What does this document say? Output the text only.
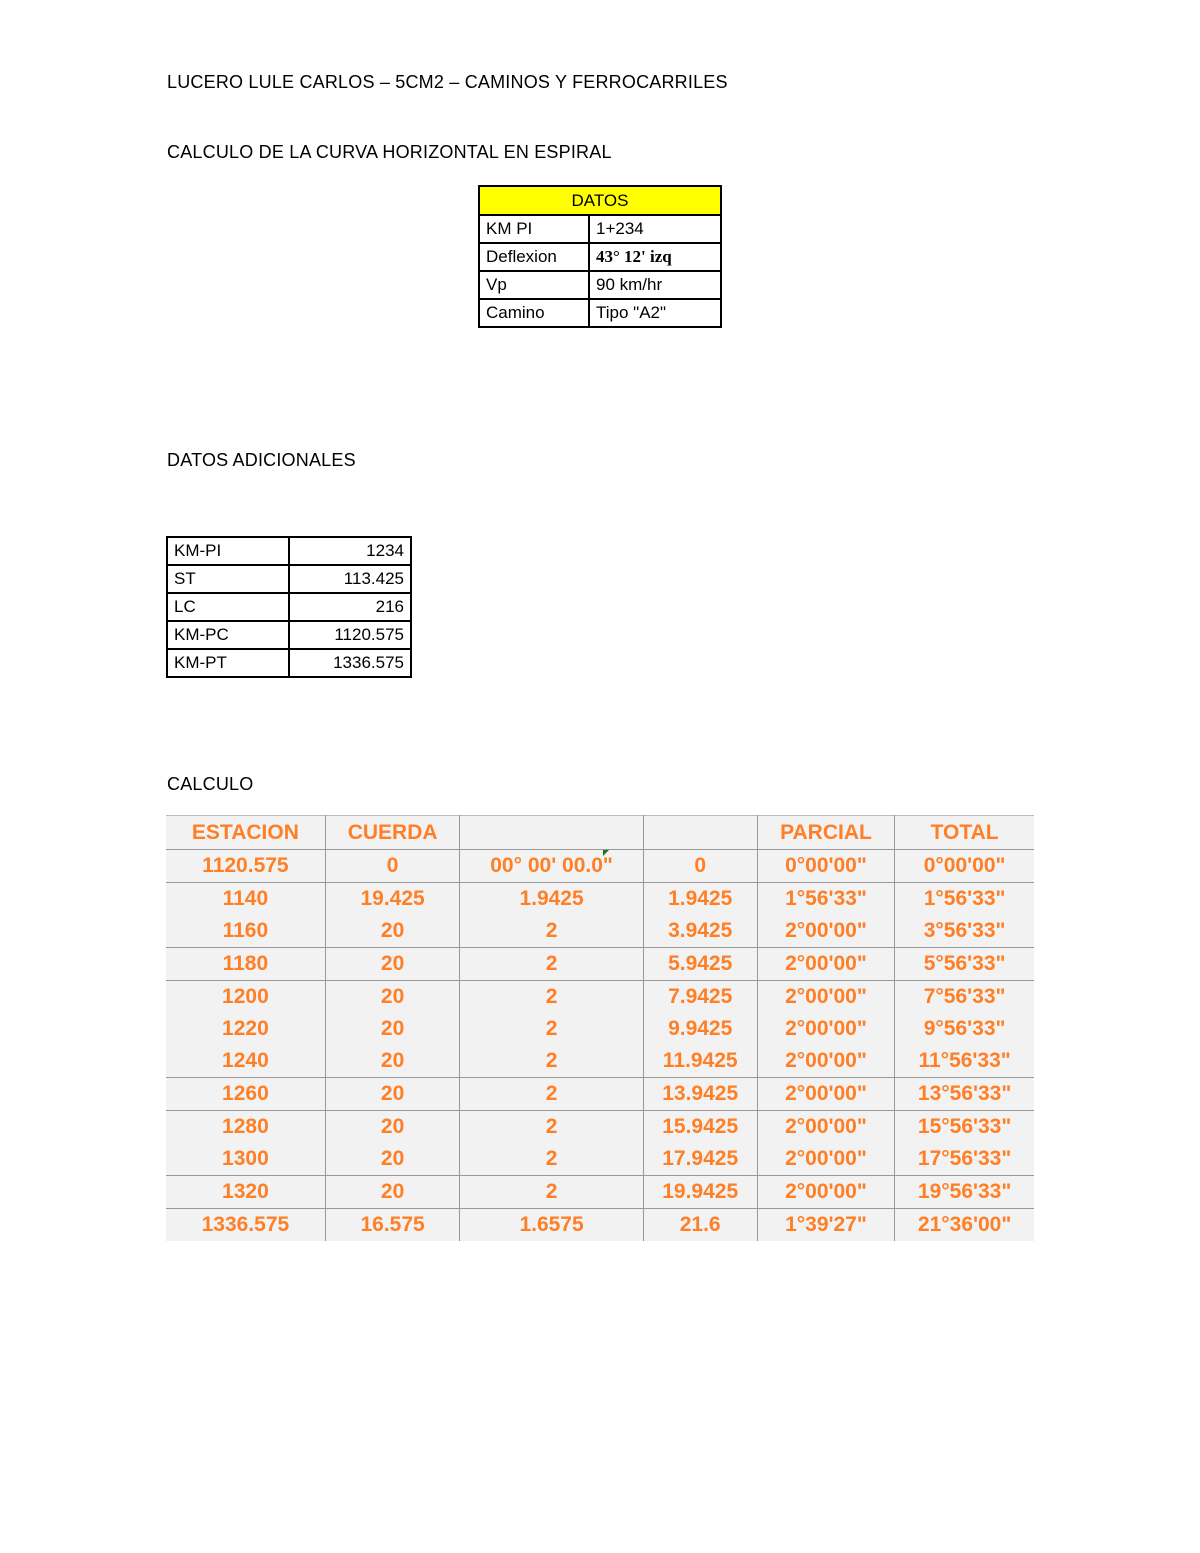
LUCERO LULE CARLOS – 5CM2 – CAMINOS Y FERROCARRILES
CALCULO DE LA CURVA HORIZONTAL EN ESPIRAL
DATOS	
KM PI	1+234
Deflexion	43° 12' izq
Vp	90 km/hr
Camino	Tipo "A2"
DATOS ADICIONALES
KM-PI	1234
ST	113.425
LC	216
KM-PC	1120.575
KM-PT	1336.575
CALCULO
ESTACION	CUERDA			PARCIAL	TOTAL
1120.575	0	00° 00' 00.0"	0	0°00'00"	0°00'00"
1140	19.425	1.9425	1.9425	1°56'33"	1°56'33"
1160	20	2	3.9425	2°00'00"	3°56'33"
1180	20	2	5.9425	2°00'00"	5°56'33"
1200	20	2	7.9425	2°00'00"	7°56'33"
1220	20	2	9.9425	2°00'00"	9°56'33"
1240	20	2	11.9425	2°00'00"	11°56'33"
1260	20	2	13.9425	2°00'00"	13°56'33"
1280	20	2	15.9425	2°00'00"	15°56'33"
1300	20	2	17.9425	2°00'00"	17°56'33"
1320	20	2	19.9425	2°00'00"	19°56'33"
1336.575	16.575	1.6575	21.6	1°39'27"	21°36'00"
